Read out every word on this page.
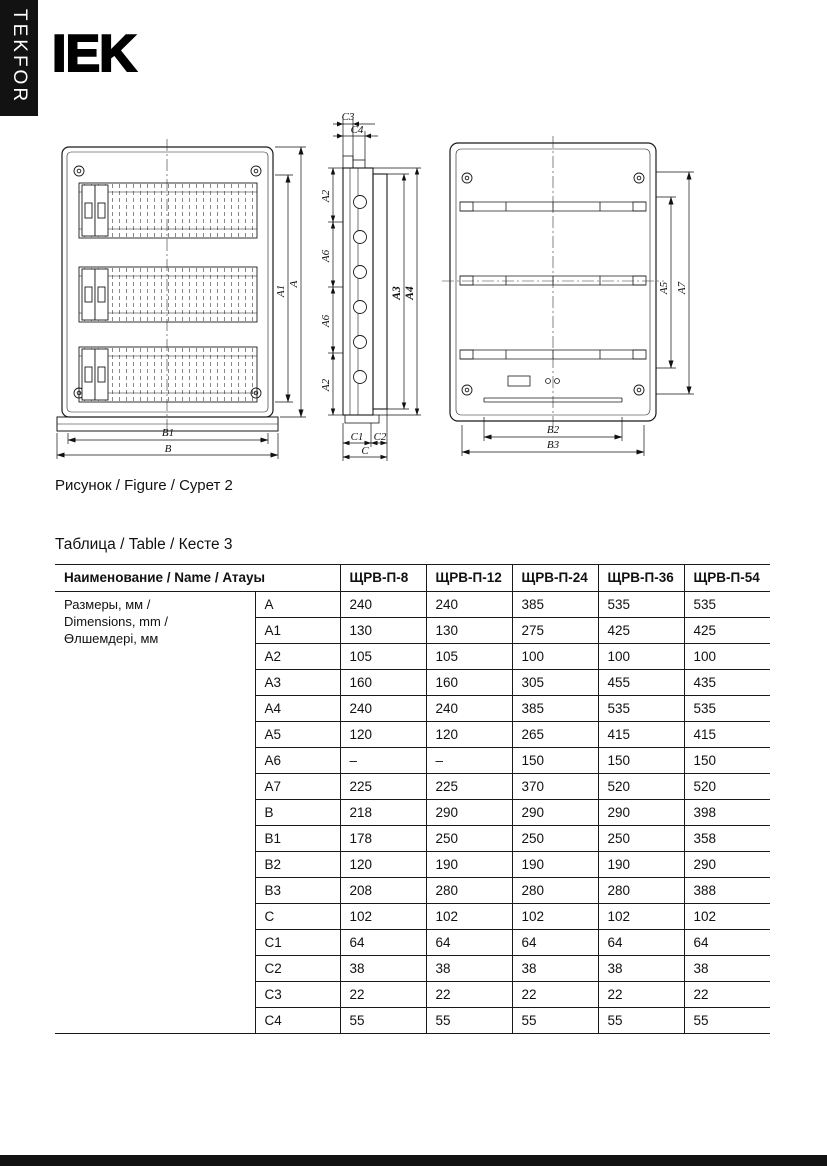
TEKFOR IEK
A1
A
B1
B
C3
C4
A2
A6
A6
A2
A3 A4
C1 C2
C
A5 A7
B2
B3
Рисунок / Figure / Сурет 2
Таблица / Table / Кесте 3
Наименование / Name / Атауы		ЩРВ-П-8	ЩРВ-П-12	ЩРВ-П-24	ЩРВ-П-36	ЩРВ-П-54

Размеры, мм /
Dimensions, mm /
Өлшемдері, мм	A	240	240	385	535	535
	A1	130	130	275	425	425
	A2	105	105	100	100	100
	A3	160	160	305	455	435
	A4	240	240	385	535	535
	A5	120	120	265	415	415
	A6	–	–	150	150	150
	A7	225	225	370	520	520
	B	218	290	290	290	398
	B1	178	250	250	250	358
	B2	120	190	190	190	290
	B3	208	280	280	280	388
	C	102	102	102	102	102
	C1	64	64	64	64	64
	C2	38	38	38	38	38
	C3	22	22	22	22	22
	C4	55	55	55	55	55
